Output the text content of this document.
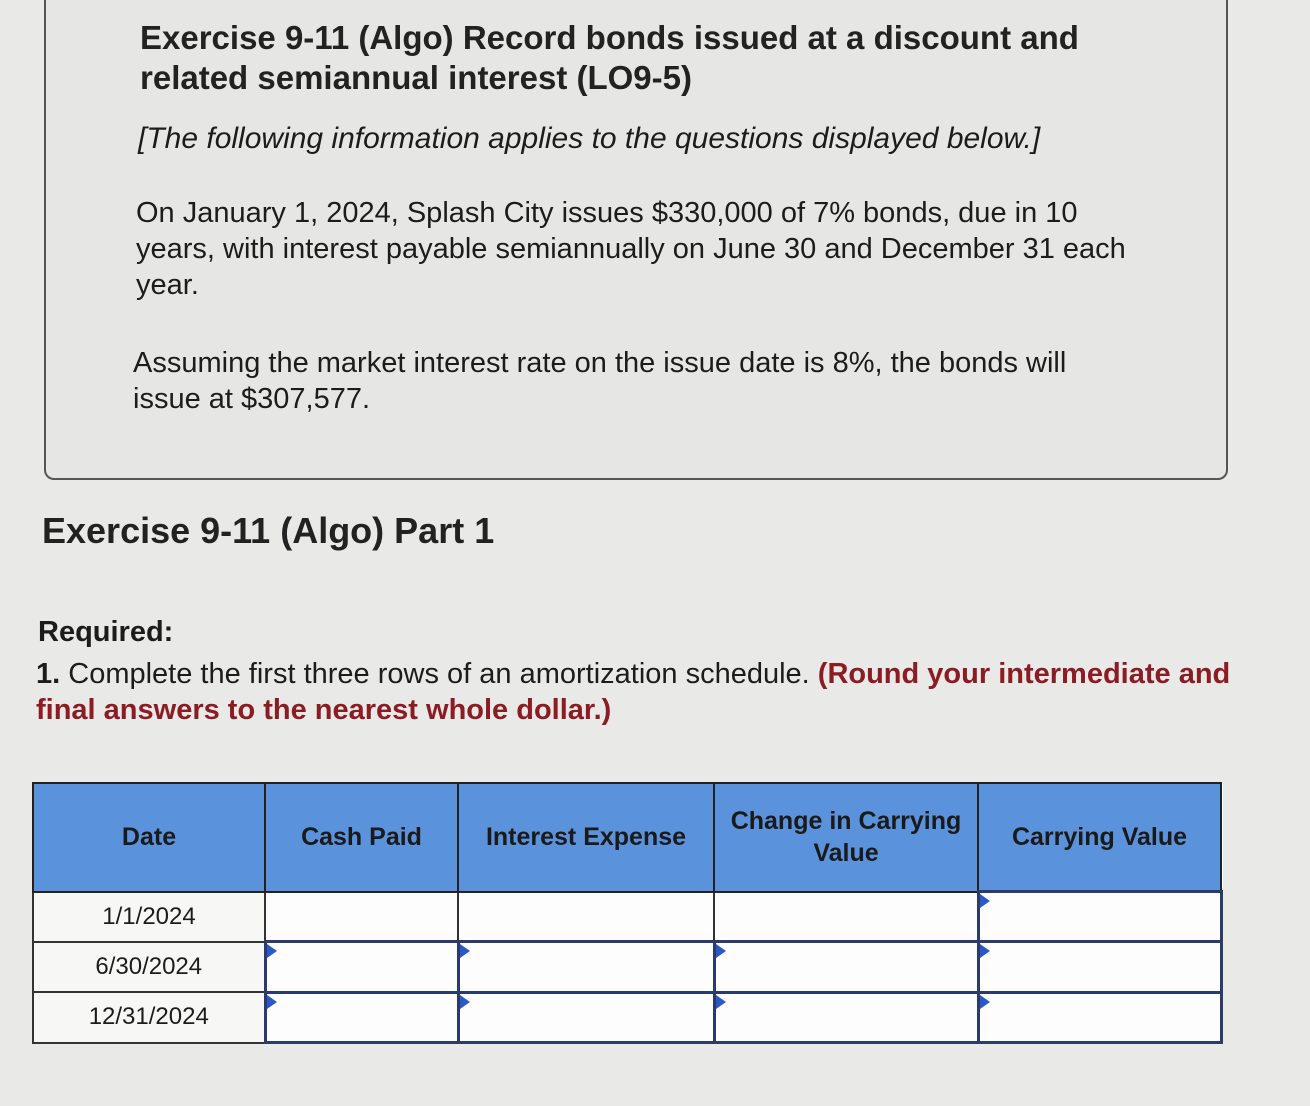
Exercise 9-11 (Algo) Record bonds issued at a discount and related semiannual interest (LO9-5)
[The following information applies to the questions displayed below.]
On January 1, 2024, Splash City issues $330,000 of 7% bonds, due in 10 years, with interest payable semiannually on June 30 and December 31 each year.
Assuming the market interest rate on the issue date is 8%, the bonds will issue at $307,577.
Exercise 9-11 (Algo) Part 1
Required:
1. Complete the first three rows of an amortization schedule. (Round your intermediate and final answers to the nearest whole dollar.)
Date	Cash Paid	Interest Expense	Change in Carrying Value	Carrying Value
1/1/2024				

6/30/2024	

12/31/2024	
